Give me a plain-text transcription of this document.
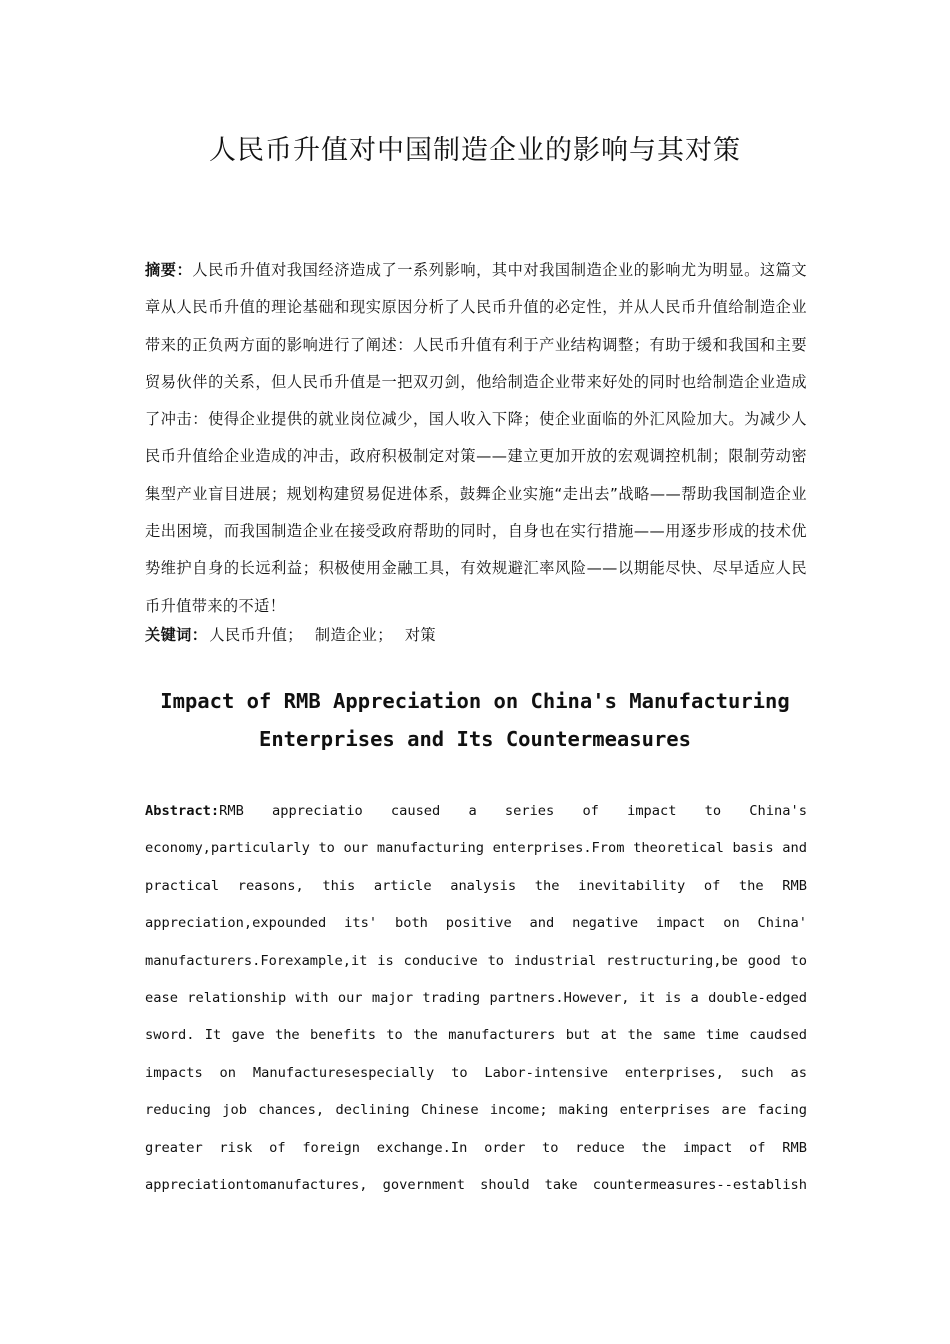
人民币升值对中国制造企业的影响与其对策
摘要：人民币升值对我国经济造成了一系列影响，其中对我国制造企业的影响尤为明显。这篇文章从人民币升值的理论基础和现实原因分析了人民币升值的必定性，并从人民币升值给制造企业带来的正负两方面的影响进行了阐述：人民币升值有利于产业结构调整；有助于缓和我国和主要贸易伙伴的关系，但人民币升值是一把双刃剑，他给制造企业带来好处的同时也给制造企业造成了冲击：使得企业提供的就业岗位减少，国人收入下降；使企业面临的外汇风险加大。为减少人民币升值给企业造成的冲击，政府积极制定对策——建立更加开放的宏观调控机制；限制劳动密集型产业盲目进展；规划构建贸易促进体系，鼓舞企业实施“走出去”战略——帮助我国制造企业走出困境，而我国制造企业在接受政府帮助的同时，自身也在实行措施——用逐步形成的技术优势维护自身的长远利益；积极使用金融工具，有效规避汇率风险——以期能尽快、尽早适应人民币升值带来的不适！
关键词： 人民币升值； 制造企业； 对策
Impact of RMB Appreciation on China's Manufacturing
Enterprises and Its Countermeasures
Abstract:RMB appreciatio caused a series of impact to China's economy,particularly to our manufacturing enterprises.From theoretical basis and practical reasons, this article analysis the inevitability of the RMB appreciation,expounded its' both positive and negative impact on China' manufacturers.Forexample,it is conducive to industrial restructuring,be good to ease relationship with our major trading partners.However, it is a double-edged sword. It gave the benefits to the manufacturers but at the same time caudsed impacts on Manufacturesespecially to Labor-intensive enterprises, such as reducing job chances, declining Chinese income; making enterprises are facing greater risk of foreign exchange.In order to reduce the impact of RMB appreciationtomanufactures, government should take countermeasures--establish
